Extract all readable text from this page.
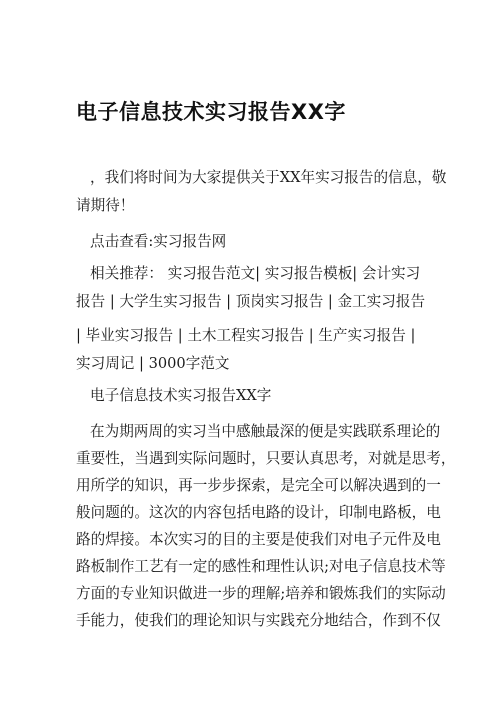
电子信息技术实习报告XX字
，我们将时间为大家提供关于XX年实习报告的信息，敬
请期待！
点击查看:实习报告网
相关推荐： 实习报告范文| 实习报告模板| 会计实习
报告 | 大学生实习报告 | 顶岗实习报告 | 金工实习报告
| 毕业实习报告 | 土木工程实习报告 | 生产实习报告 |
实习周记 | 3000字范文
电子信息技术实习报告XX字
在为期两周的实习当中感触最深的便是实践联系理论的
重要性，当遇到实际问题时，只要认真思考，对就是思考，
用所学的知识，再一步步探索，是完全可以解决遇到的一
般问题的。这次的内容包括电路的设计，印制电路板，电
路的焊接。本次实习的目的主要是使我们对电子元件及电
路板制作工艺有一定的感性和理性认识;对电子信息技术等
方面的专业知识做进一步的理解;培养和锻炼我们的实际动
手能力，使我们的理论知识与实践充分地结合，作到不仅
